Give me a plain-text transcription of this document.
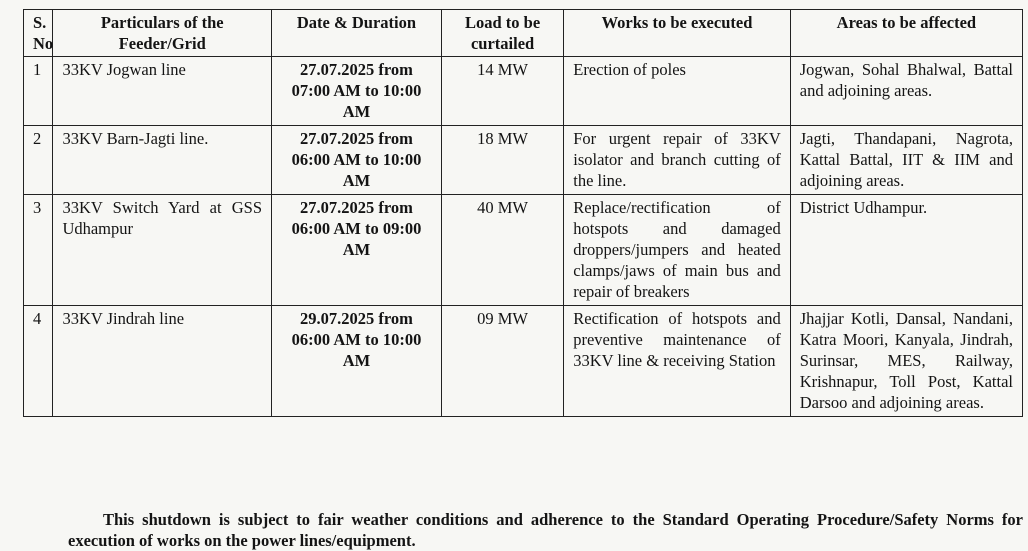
S. No	Particulars of the Feeder/Grid	Date & Duration	Load to be curtailed	Works to be executed	Areas to be affected
1	33KV Jogwan line	27.07.2025 from 07:00 AM to 10:00 AM	14 MW	Erection of poles	Jogwan, Sohal Bhalwal, Battal and adjoining areas.
2	33KV Barn-Jagti line.	27.07.2025 from 06:00 AM to 10:00 AM	18 MW	For urgent repair of 33KV isolator and branch cutting of the line.	Jagti, Thandapani, Nagrota, Kattal Battal, IIT & IIM and adjoining areas.
3	33KV Switch Yard at GSS Udhampur	27.07.2025 from 06:00 AM to 09:00 AM	40 MW	Replace/rectification of hotspots and damaged droppers/jumpers and heated clamps/jaws of main bus and repair of breakers	District Udhampur.
4	33KV Jindrah line	29.07.2025 from 06:00 AM to 10:00 AM	09 MW	Rectification of hotspots and preventive maintenance of 33KV line & receiving Station	Jhajjar Kotli, Dansal, Nandani, Katra Moori, Kanyala, Jindrah, Surinsar, MES, Railway, Krishnapur, Toll Post, Kattal Darsoo and adjoining areas.

This shutdown is subject to fair weather conditions and adherence to the Standard Operating Procedure/Safety Norms for execution of works on the power lines/equipment.
